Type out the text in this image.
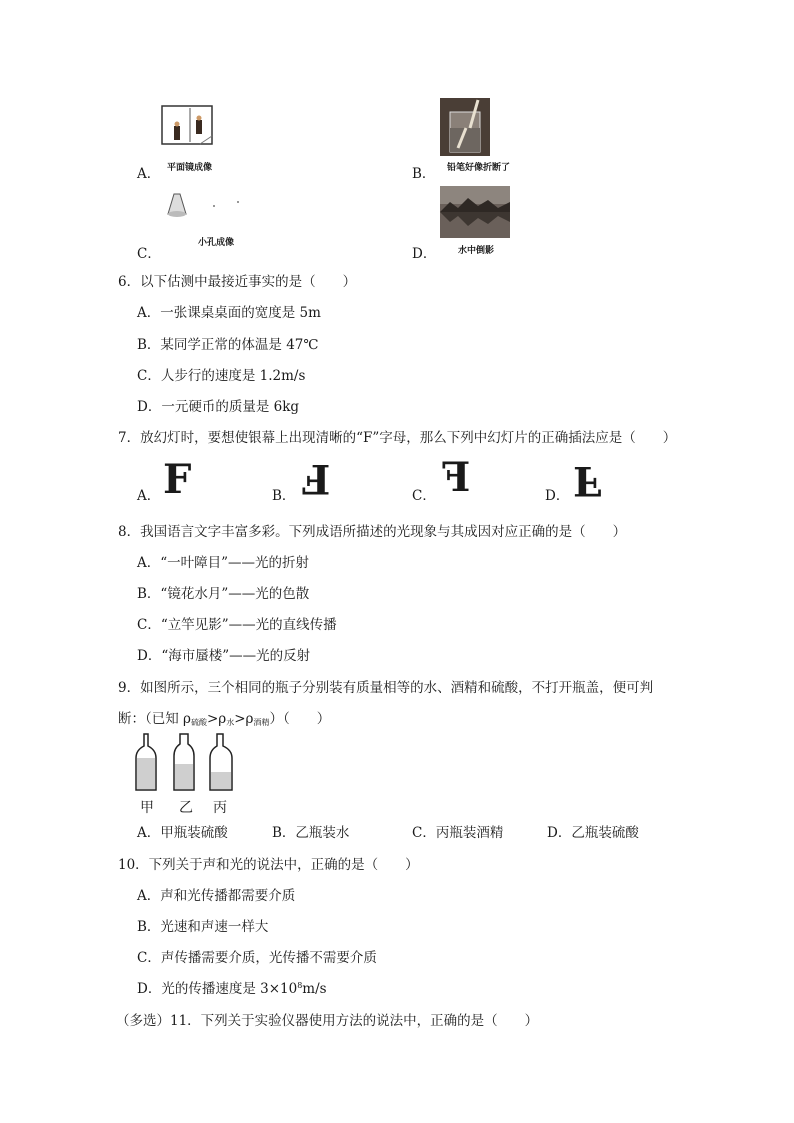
A． 平面镜成像	B． 铅笔好像折断了
C．
小孔成像
D． 水中倒影
6．以下估测中最接近事实的是（　　）
A．一张课桌桌面的宽度是 5m
B．某同学正常的体温是 47℃
C．人步行的速度是 1.2m/s
D．一元硬币的质量是 6kg
7．放幻灯时，要想使银幕上出现清晰的“F”字母，那么下列中幻灯片的正确插法应是（　　）
A． F	B． F	C． F	D． F
8．我国语言文字丰富多彩。下列成语所描述的光现象与其成因对应正确的是（　　）
A．“一叶障目”——光的折射
B．“镜花水月”——光的色散
C．“立竿见影”——光的直线传播
D．“海市蜃楼”——光的反射
9．如图所示，三个相同的瓶子分别装有质量相等的水、酒精和硫酸，不打开瓶盖，便可判
断：（已知 $\rho_{硫酸}>\rho_水>\rho_{酒精}$）（　　）
甲 乙 丙
A．甲瓶装硫酸	B．乙瓶装水	C．丙瓶装酒精	D．乙瓶装硫酸
10．下列关于声和光的说法中，正确的是（　　）
A．声和光传播都需要介质
B．光速和声速一样大
C．声传播需要介质，光传播不需要介质
D．光的传播速度是 $3\times 10^8m/s$
（多选）11．下列关于实验仪器使用方法的说法中，正确的是（　　）
